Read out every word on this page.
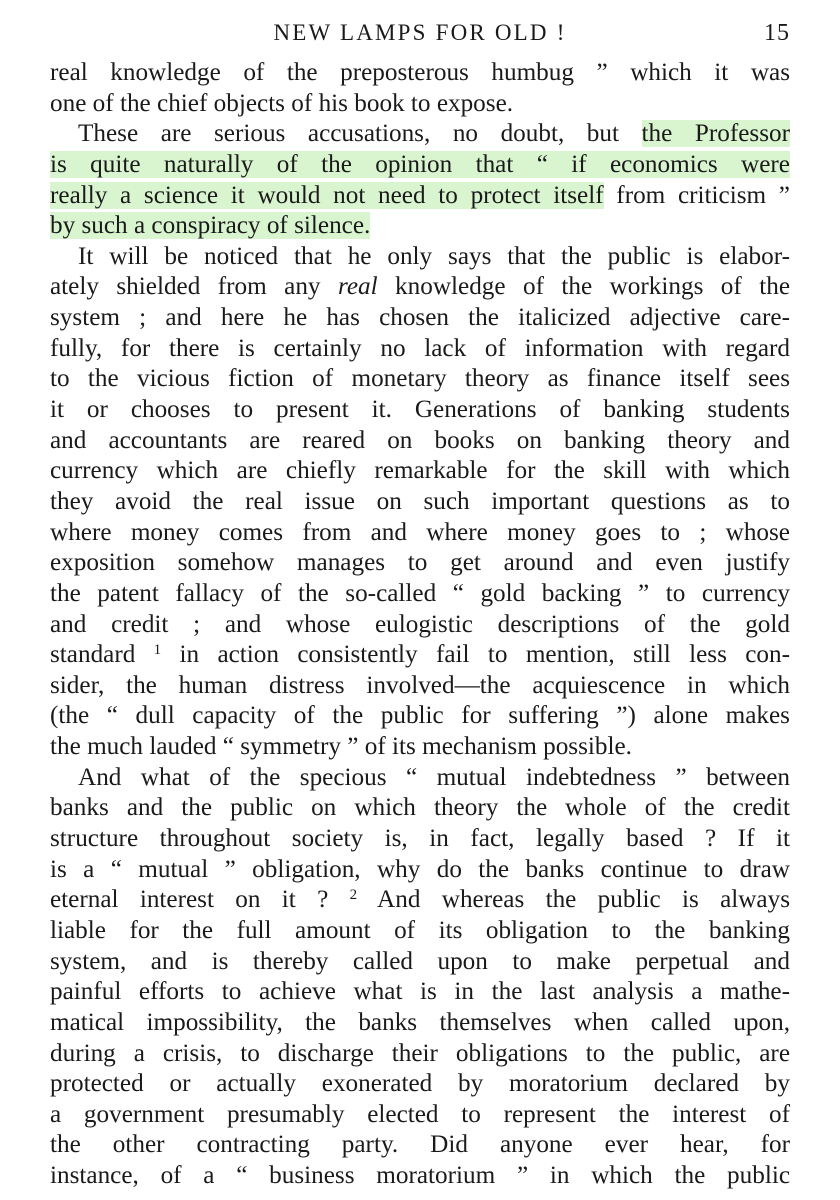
NEW LAMPS FOR OLD !	15
real knowledge of the preposterous humbug ” which it was
one of the chief objects of his book to expose.
These are serious accusations, no doubt, but the Professor
is quite naturally of the opinion that “ if economics were
really a science it would not need to protect itself from criticism ”
by such a conspiracy of silence.
It will be noticed that he only says that the public is elabor-
ately shielded from any real knowledge of the workings of the
system ; and here he has chosen the italicized adjective care-
fully, for there is certainly no lack of information with regard
to the vicious fiction of monetary theory as finance itself sees
it or chooses to present it. Generations of banking students
and accountants are reared on books on banking theory and
currency which are chiefly remarkable for the skill with which
they avoid the real issue on such important questions as to
where money comes from and where money goes to ; whose
exposition somehow manages to get around and even justify
the patent fallacy of the so-called “ gold backing ” to currency
and credit ; and whose eulogistic descriptions of the gold
standard $^1$ in action consistently fail to mention, still less con-
sider, the human distress involved—the acquiescence in which
(the “ dull capacity of the public for suffering ”) alone makes
the much lauded “ symmetry ” of its mechanism possible.
And what of the specious “ mutual indebtedness ” between
banks and the public on which theory the whole of the credit
structure throughout society is, in fact, legally based ? If it
is a “ mutual ” obligation, why do the banks continue to draw
eternal interest on it ? $^2$ And whereas the public is always
liable for the full amount of its obligation to the banking
system, and is thereby called upon to make perpetual and
painful efforts to achieve what is in the last analysis a mathe-
matical impossibility, the banks themselves when called upon,
during a crisis, to discharge their obligations to the public, are
protected or actually exonerated by moratorium declared by
a government presumably elected to represent the interest of
the other contracting party. Did anyone ever hear, for
instance, of a “ business moratorium ” in which the public
